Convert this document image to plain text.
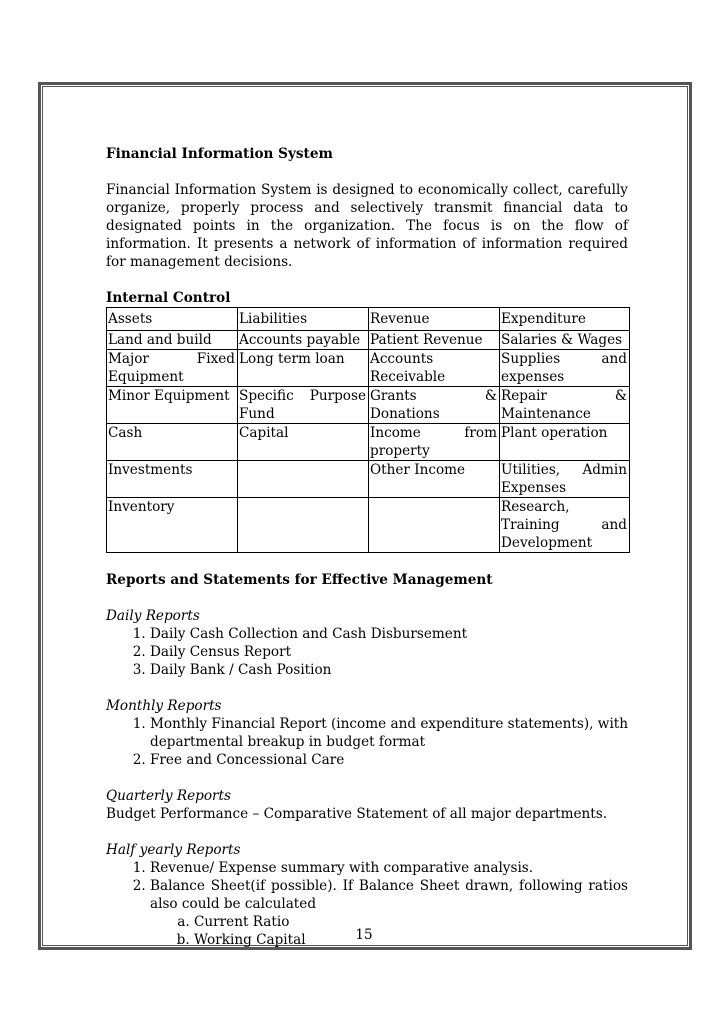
Financial Information System

Financial Information System is designed to economically collect, carefully organize, properly process and selectively transmit financial data to designated points in the organization. The focus is on the flow of information. It presents a network of information of information required for management decisions.

Internal Control

Assets	Liabilities	Revenue	Expenditure
Land and build	Accounts payable	Patient Revenue	Salaries & Wages
Major Fixed Equipment	Long term loan	Accounts Receivable	Supplies and expenses
Minor Equipment	Specific Purpose Fund	Grants & Donations	Repair & Maintenance
Cash	Capital	Income from property	Plant operation
Investments		Other Income	Utilities, Admin Expenses
Inventory			Research, Training and Development

Reports and Statements for Effective Management

Daily Reports
1. Daily Cash Collection and Cash Disbursement
2. Daily Census Report
3. Daily Bank / Cash Position
Monthly Reports
1. Monthly Financial Report (income and expenditure statements), with departmental breakup in budget format
2. Free and Concessional Care
Quarterly Reports

Budget Performance – Comparative Statement of all major departments.

Half yearly Reports
1. Revenue/ Expense summary with comparative analysis.
2. Balance Sheet(if possible). If Balance Sheet drawn, following ratios also could be calculated
a. Current Ratio
b. Working Capital	15
